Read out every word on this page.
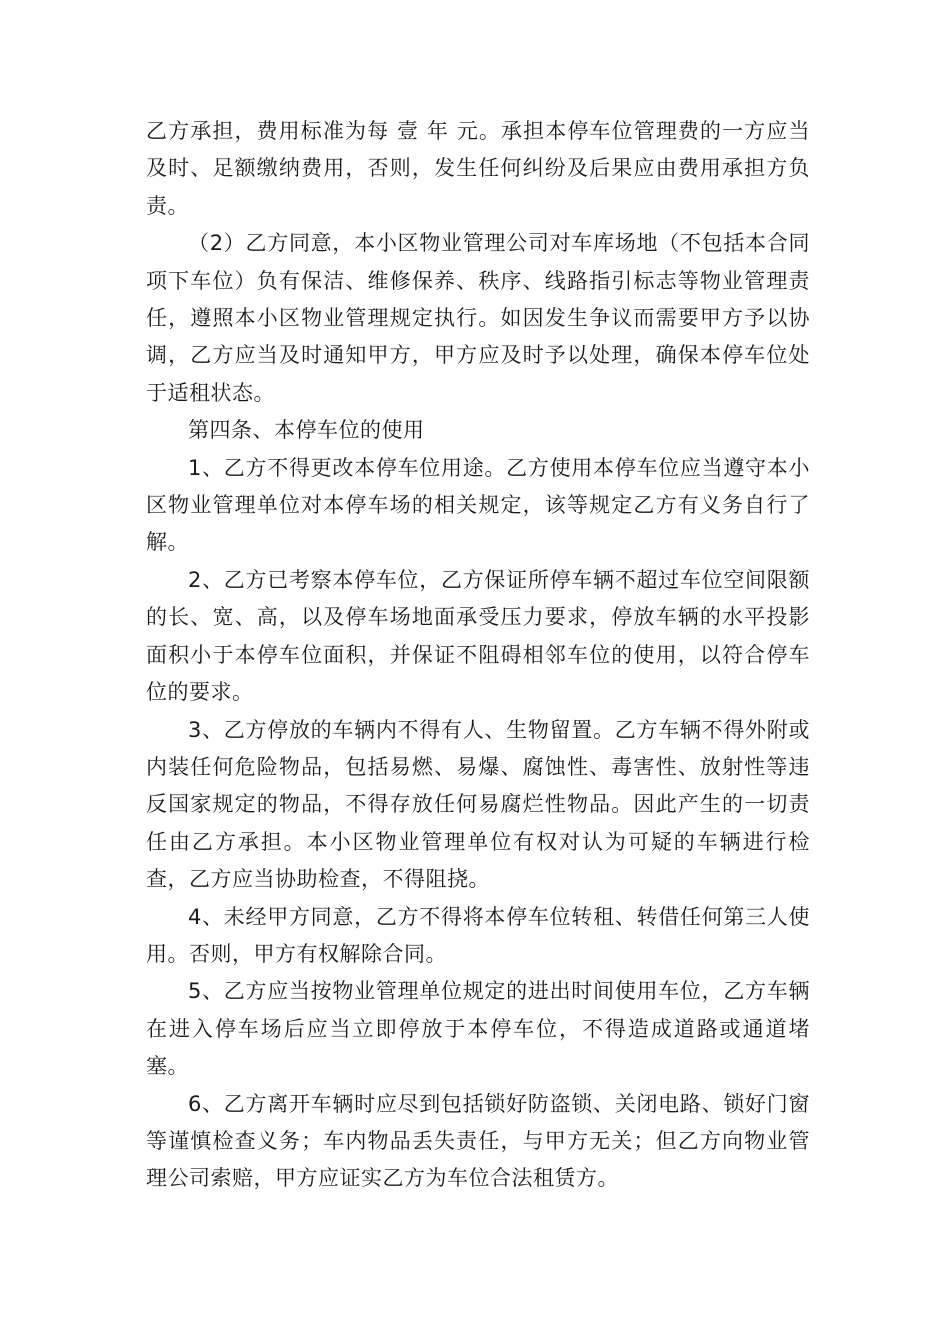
乙方承担，费用标准为每 壹 年 元。承担本停车位管理费的一方应当及时、足额缴纳费用，否则，发生任何纠纷及后果应由费用承担方负责。

（2）乙方同意，本小区物业管理公司对车库场地（不包括本合同项下车位）负有保洁、维修保养、秩序、线路指引标志等物业管理责任，遵照本小区物业管理规定执行。如因发生争议而需要甲方予以协调，乙方应当及时通知甲方，甲方应及时予以处理，确保本停车位处于适租状态。

第四条、本停车位的使用

1、乙方不得更改本停车位用途。乙方使用本停车位应当遵守本小区物业管理单位对本停车场的相关规定，该等规定乙方有义务自行了解。

2、乙方已考察本停车位，乙方保证所停车辆不超过车位空间限额的长、宽、高，以及停车场地面承受压力要求，停放车辆的水平投影面积小于本停车位面积，并保证不阻碍相邻车位的使用，以符合停车位的要求。

3、乙方停放的车辆内不得有人、生物留置。乙方车辆不得外附或内装任何危险物品，包括易燃、易爆、腐蚀性、毒害性、放射性等违反国家规定的物品，不得存放任何易腐烂性物品。因此产生的一切责任由乙方承担。本小区物业管理单位有权对认为可疑的车辆进行检查，乙方应当协助检查，不得阻挠。

4、未经甲方同意，乙方不得将本停车位转租、转借任何第三人使用。否则，甲方有权解除合同。

5、乙方应当按物业管理单位规定的进出时间使用车位，乙方车辆在进入停车场后应当立即停放于本停车位，不得造成道路或通道堵塞。

6、乙方离开车辆时应尽到包括锁好防盗锁、关闭电路、锁好门窗等谨慎检查义务；车内物品丢失责任，与甲方无关；但乙方向物业管理公司索赔，甲方应证实乙方为车位合法租赁方。
